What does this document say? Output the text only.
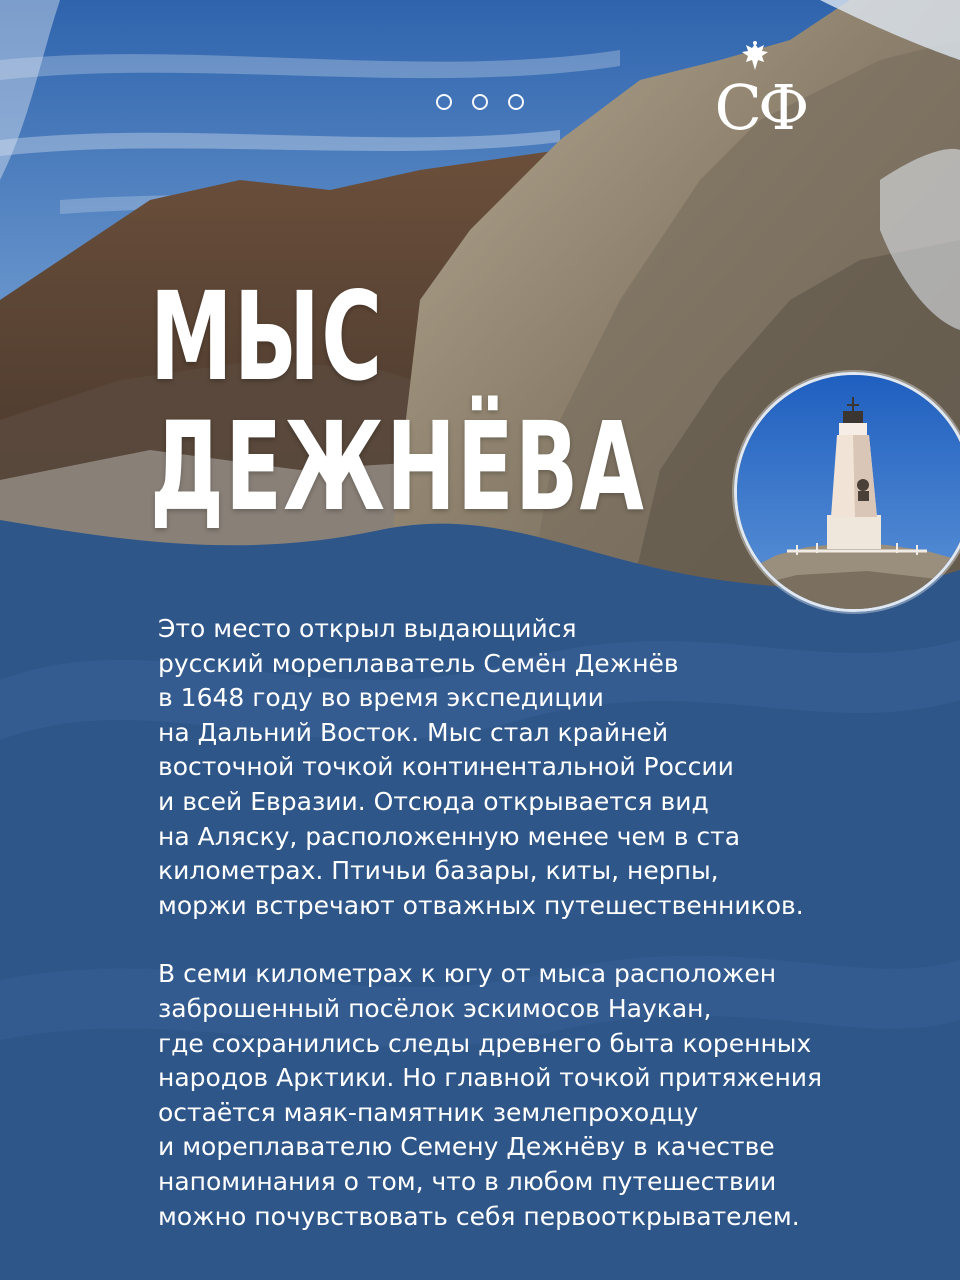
СФ
МЫС
ДЕЖНЁВА

Это место открыл выдающийся
русский мореплаватель Семён Дежнёв
в 1648 году во время экспедиции
на Дальний Восток. Мыс стал крайней
восточной точкой континентальной России
и всей Евразии. Отсюда открывается вид
на Аляску, расположенную менее чем в ста
километрах. Птичьи базары, киты, нерпы,
моржи встречают отважных путешественников.

В семи километрах к югу от мыса расположен
заброшенный посёлок эскимосов Наукан,
где сохранились следы древнего быта коренных
народов Арктики. Но главной точкой притяжения
остаётся маяк-памятник землепроходцу
и мореплавателю Семену Дежнёву в качестве
напоминания о том, что в любом путешествии
можно почувствовать себя первооткрывателем.
